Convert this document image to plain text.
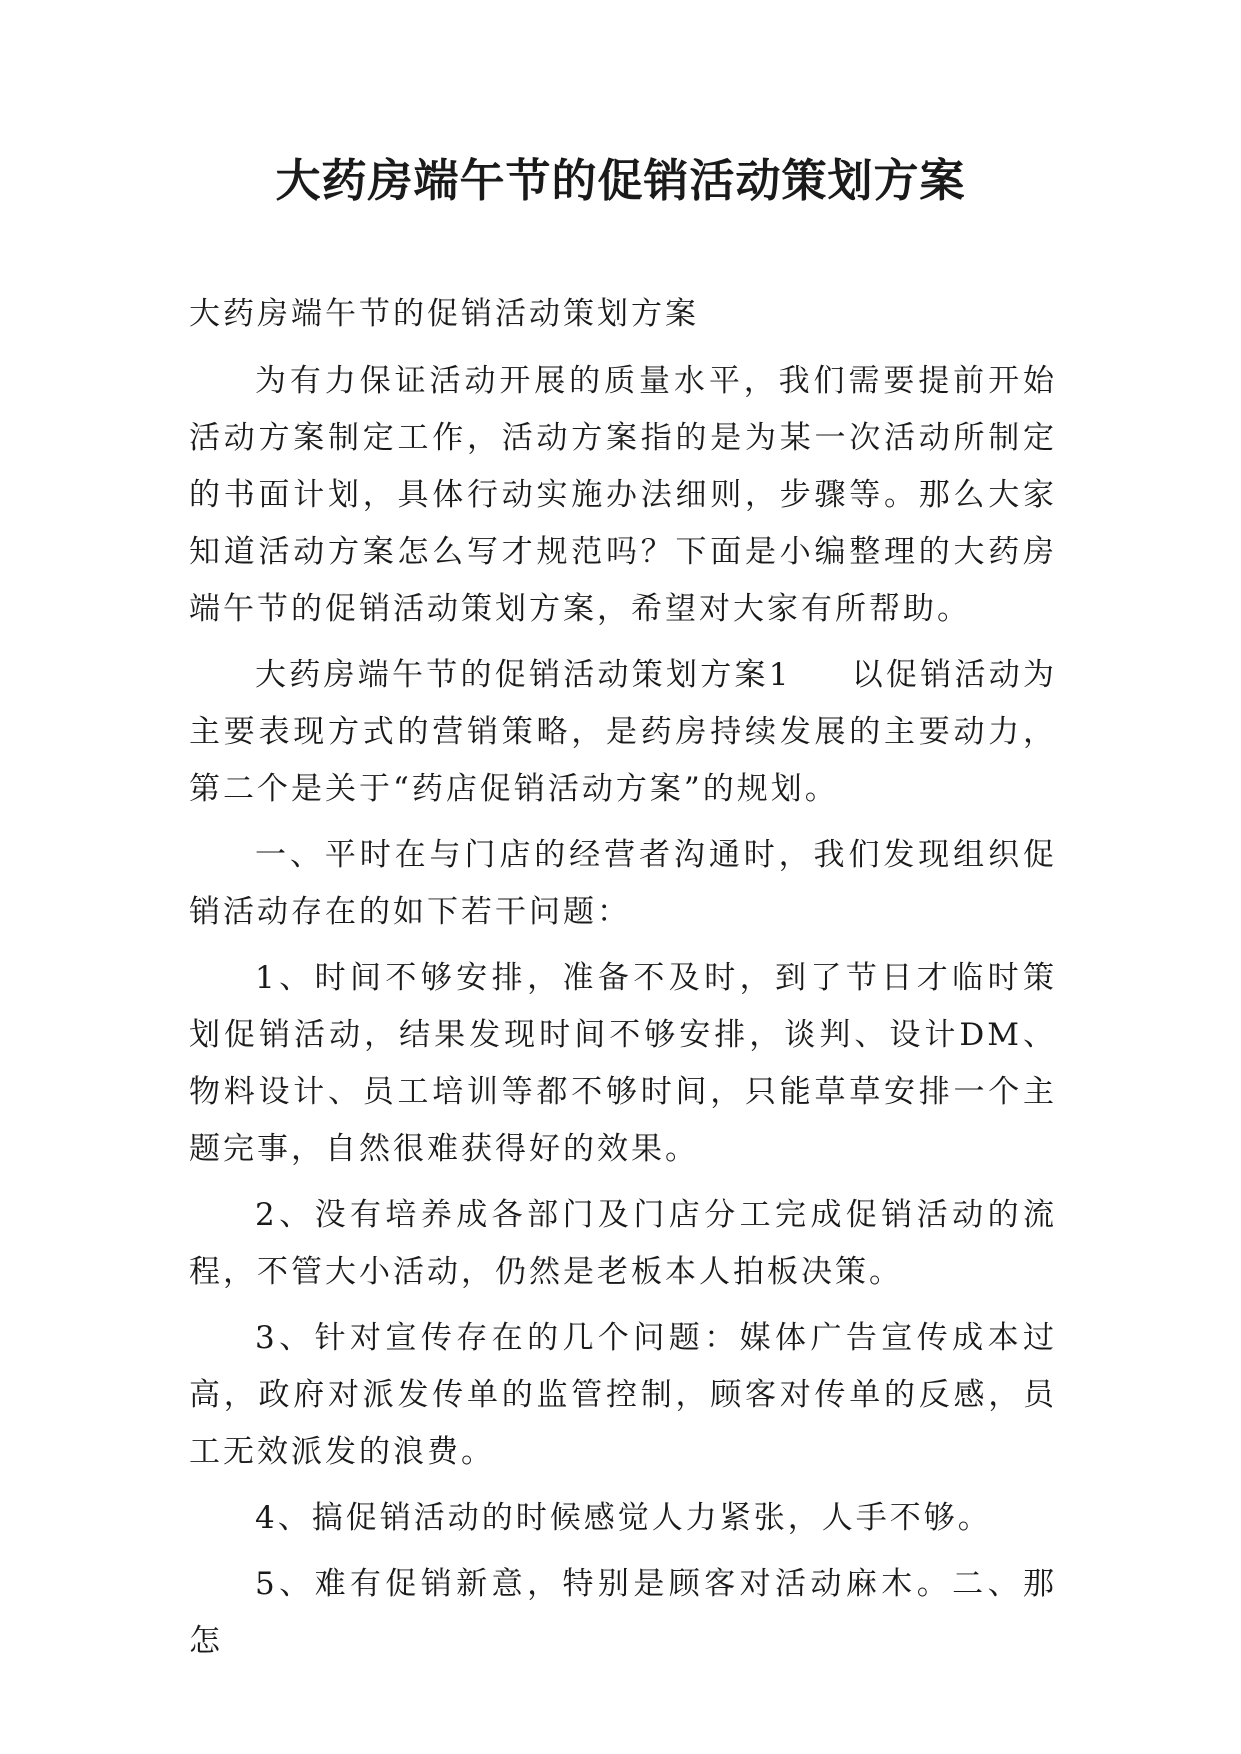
大药房端午节的促销活动策划方案

大药房端午节的促销活动策划方案

为有力保证活动开展的质量水平，我们需要提前开始活动方案制定工作，活动方案指的是为某一次活动所制定的书面计划，具体行动实施办法细则，步骤等。那么大家知道活动方案怎么写才规范吗？下面是小编整理的大药房端午节的促销活动策划方案，希望对大家有所帮助。

大药房端午节的促销活动策划方案1 以促销活动为主要表现方式的营销策略，是药房持续发展的主要动力，第二个是关于“药店促销活动方案”的规划。

一、平时在与门店的经营者沟通时，我们发现组织促销活动存在的如下若干问题：

1、时间不够安排，准备不及时，到了节日才临时策划促销活动，结果发现时间不够安排，谈判、设计DM、物料设计、员工培训等都不够时间，只能草草安排一个主题完事，自然很难获得好的效果。

2、没有培养成各部门及门店分工完成促销活动的流程，不管大小活动，仍然是老板本人拍板决策。

3、针对宣传存在的几个问题：媒体广告宣传成本过高，政府对派发传单的监管控制，顾客对传单的反感，员工无效派发的浪费。

4、搞促销活动的时候感觉人力紧张，人手不够。

5、难有促销新意，特别是顾客对活动麻木。二、那怎
